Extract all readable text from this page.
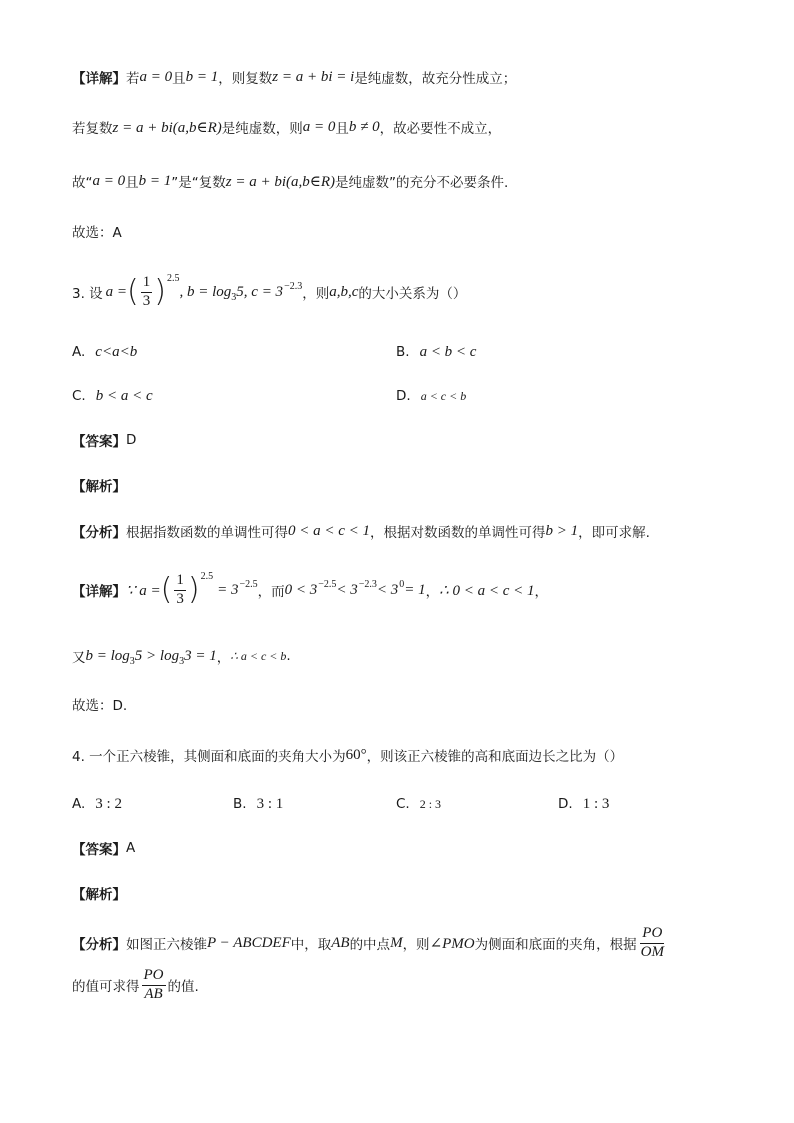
【详解】 若 a = 0 且 b = 1 ，则复数 z = a + bi = i 是纯虚数，故充分性成立；
若复数 z = a + bi(a,b∈R) 是纯虚数，则 a = 0 且 b ≠ 0 ，故必要性不成立，
故“ a = 0 且 b = 1 ”是“复数 z = a + bi(a,b∈R) 是纯虚数”的充分不必要条件.
故选：A
3. 设 a = ( $\frac{1}{3}$ ) 2.5
, b = log 3 5, c = 3 −2.3 ，则 a,b,c 的大小关系为（）
A. c<a<b	B. a < b < c
C. b < a < c	D. a < c < b
【答案】 D
【解析】
【分析】 根据指数函数的单调性可得 0 < a < c < 1 ，根据对数函数的单调性可得 b > 1 ，即可求解.
【详解】 ∵ a = ( $\frac{1}{3}$ ) 2.5
= 3 −2.5 ，而 0 < 3 −2.5 < 3 −2.3 < 3 0 = 1 ， ∴ 0 < a < c < 1 ，
又 b = log 3 5 > log 3 3 = 1 ， ∴ a < c < b .
故选：D.
4. 一个正六棱锥，其侧面和底面的夹角大小为 60° ，则该正六棱锥的高和底面边长之比为（）
A. 3 : 2	B. 3 : 1	C. 2 : 3	D. 1 : 3
【答案】 A
【解析】
【分析】 如图正六棱锥 P − ABCDEF 中，取 AB 的中点 M ，则 ∠PMO 为侧面和底面的夹角，根据 $\frac{PO}{OM}$
的值可求得 $\frac{PO}{AB}$ 的值.
